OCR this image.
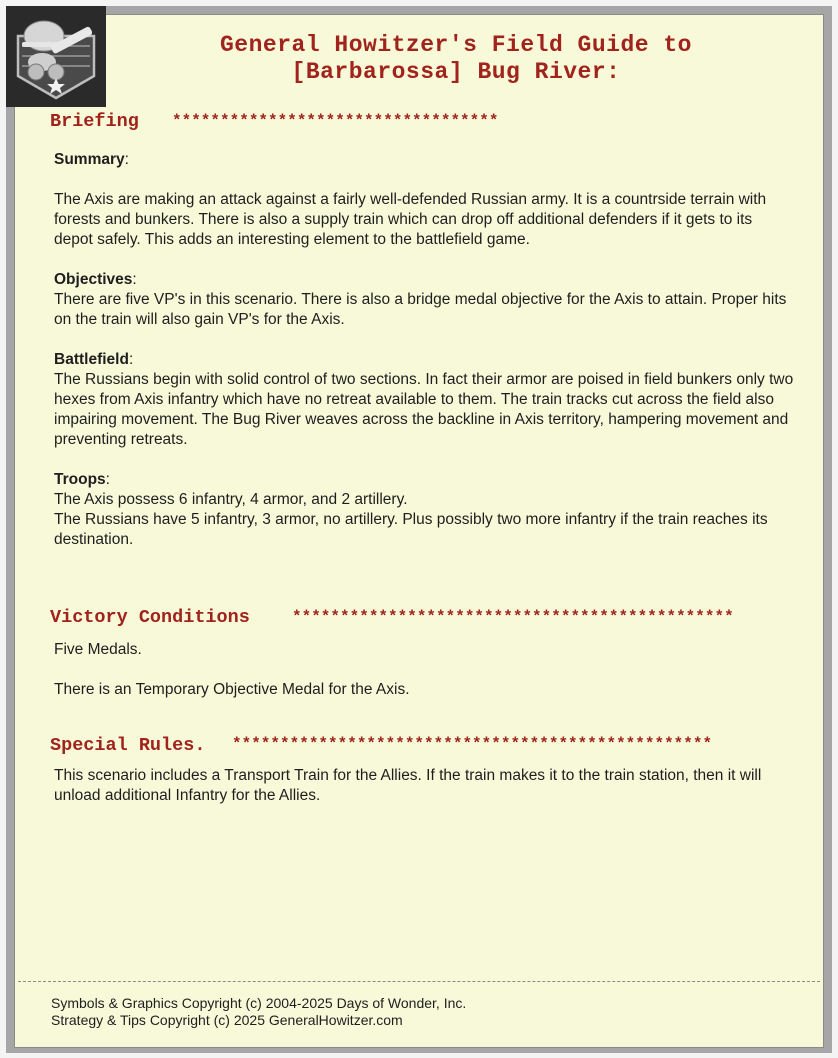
General Howitzer's Field Guide to
[Barbarossa] Bug River:
Briefing **********************************

Summary:

The Axis are making an attack against a fairly well-defended Russian army. It is a countrside terrain with forests and bunkers. There is also a supply train which can drop off additional defenders if it gets to its depot safely. This adds an interesting element to the battlefield game.

Objectives:

There are five VP's in this scenario. There is also a bridge medal objective for the Axis to attain. Proper hits on the train will also gain VP's for the Axis.

Battlefield:

The Russians begin with solid control of two sections. In fact their armor are poised in field bunkers only two hexes from Axis infantry which have no retreat available to them. The train tracks cut across the field also impairing movement. The Bug River weaves across the backline in Axis territory, hampering movement and preventing retreats.

Troops:

The Axis possess 6 infantry, 4 armor, and 2 artillery.

The Russians have 5 infantry, 3 armor, no artillery. Plus possibly two more infantry if the train reaches its destination.

Victory Conditions	**********************************************

Five Medals.

There is an Temporary Objective Medal for the Axis.

Special Rules. **************************************************

This scenario includes a Transport Train for the Allies. If the train makes it to the train station, then it will unload additional Infantry for the Allies.

Symbols & Graphics Copyright (c) 2004-2025 Days of Wonder, Inc.
Strategy & Tips Copyright (c) 2025 GeneralHowitzer.com
